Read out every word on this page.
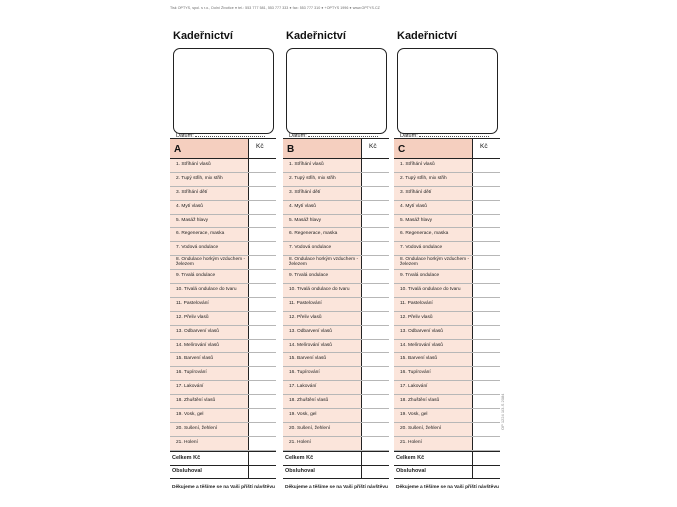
Tisk OPTYS, spol. s r.o., Dolní Životice ● tel.: 553 777 581, 553 777 333 ● fax: 553 777 310 ● +OPTYS 1996 ● www.OPTYS.CZ
OP 1224 1/3-S 2084
Kadeřnictví
Datum:
A	Kč
1. Stříhání vlasů
2. Tupý střih, mix střih
3. Stříhání dětí
4. Mytí vlasů
5. Masáž hlavy
6. Regenerace, maska
7. Vodová ondulace
8. Ondulace horkým vzduchem - železem
9. Trvalá ondulace
10. Trvalá ondulace do tvaru
11. Pastelování
12. Přeliv vlasů
13. Odbarvení vlasů
14. Melírování vlasů
15. Barvení vlasů
16. Tupírování
17. Lakování
18. Zhuštění vlasů
19. Vosk, gel
20. Sušení, žehlení
21. Holení
Celkem Kč
Obsluhoval
Děkujeme a těšíme se na Vaši příští návštěvu
Kadeřnictví
Datum:
B	Kč
1. Stříhání vlasů
2. Tupý střih, mix střih
3. Stříhání dětí
4. Mytí vlasů
5. Masáž hlavy
6. Regenerace, maska
7. Vodová ondulace
8. Ondulace horkým vzduchem - železem
9. Trvalá ondulace
10. Trvalá ondulace do tvaru
11. Pastelování
12. Přeliv vlasů
13. Odbarvení vlasů
14. Melírování vlasů
15. Barvení vlasů
16. Tupírování
17. Lakování
18. Zhuštění vlasů
19. Vosk, gel
20. Sušení, žehlení
21. Holení
Celkem Kč
Obsluhoval
Děkujeme a těšíme se na Vaši příští návštěvu
Kadeřnictví
Datum:
C	Kč
1. Stříhání vlasů
2. Tupý střih, mix střih
3. Stříhání dětí
4. Mytí vlasů
5. Masáž hlavy
6. Regenerace, maska
7. Vodová ondulace
8. Ondulace horkým vzduchem - železem
9. Trvalá ondulace
10. Trvalá ondulace do tvaru
11. Pastelování
12. Přeliv vlasů
13. Odbarvení vlasů
14. Melírování vlasů
15. Barvení vlasů
16. Tupírování
17. Lakování
18. Zhuštění vlasů
19. Vosk, gel
20. Sušení, žehlení
21. Holení
Celkem Kč
Obsluhoval
Děkujeme a těšíme se na Vaši příští návštěvu
